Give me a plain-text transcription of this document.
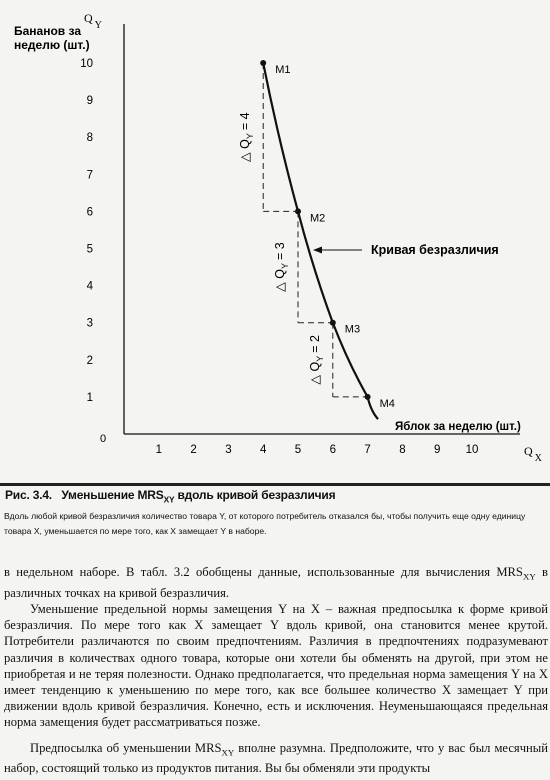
$Q_Y$
Бананов за неделю (шт.)
0
Яблок за неделю (шт.)
$Q_X$
1 2 3 4 5 6 7 8 9 10
1
2
3
4
5
6
7
8
9
10
△ $Q_Y= 4$
△ $Q_Y= 3$
△ $Q_Y= 2$
M1
M2
M3
M4
Кривая безразличия
Рис. 3.4. Уменьшение $MRS_{XY}$ вдоль кривой безразличия
Вдоль любой кривой безразличия количество товара Y, от которого потребитель отказался бы, чтобы получить еще одну единицу товара X, уменьшается по мере того, как X замещает Y в наборе.

в недельном наборе. В табл. 3.2 обобщены данные, использованные для вычисления $MRS_{XY}$ в различных точках на кривой безразличия.

Уменьшение предельной нормы замещения Y на X – важная предпосылка к форме кривой безразличия. По мере того как X замещает Y вдоль кривой, она становится менее крутой. Потребители различаются по своим предпочтениям. Различия в предпочтениях подразумевают различия в количествах одного товара, которые они хотели бы обменять на другой, при этом не приобретая и не теряя полезности. Однако предполагается, что предельная норма замещения Y на X имеет тенденцию к уменьшению по мере того, как все большее количество X замещает Y при движении вдоль кривой безразличия. Конечно, есть и исключения. Неуменьшающаяся предельная норма замещения будет рассматриваться позже.

Предпосылка об уменьшении $MRS_{XY}$ вполне разумна. Предположите, что у вас был месячный набор, состоящий только из продуктов питания. Вы бы обменяли эти продукты
